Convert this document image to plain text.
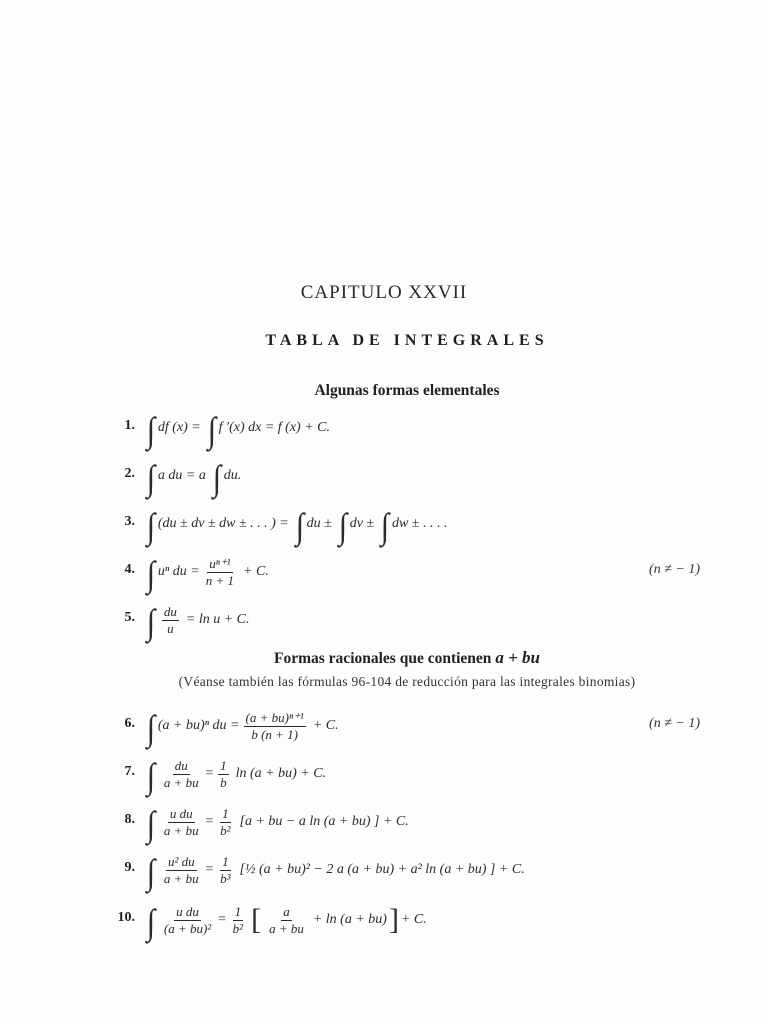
CAPITULO XXVII
TABLA DE INTEGRALES
Algunas formas elementales
1. ∫ df (x) = ∫ f ′(x) dx = f (x) + C.
2. ∫ a du = a ∫ du.
3. ∫ (du ± dv ± dw ± . . . ) = ∫ du ± ∫ dv ± ∫ dw ± . . . .
4. ∫ uⁿ du = $\frac{\text{uⁿ⁺¹}}{n + 1} + C$.	(n ≠ − 1)
5. ∫ $\frac{du}{u} = \ln u + C$.
Formas racionales que contienen a + bu
(Véanse también las fórmulas 96-104 de reducción para las integrales binomias)
6. ∫ (a + bu)ⁿ du = $\frac{\text{(a + bu)ⁿ⁺¹}}{b (n + 1)} + C$.	(n ≠ − 1)
7. ∫ $\frac{du}{a + bu} = \frac{1}{b}$ ln (a + bu) + C.
8. ∫ $\frac{\text{u du}}{a + bu} = \frac{1}{\text{b²}} [a$ + bu − a ln (a + bu) ] + C.
9. ∫ $\frac{\text{u² du}}{a + bu} = \frac{1}{\text{b³}}$ [½ (a + bu)² − 2 a (a + bu) + a² ln (a + bu) ] + C.
10. ∫ $\frac{\text{u du}}{\text{(a + bu)²}} = \frac{1}{\text{b²}}$ [ $\frac{a}{a + bu} + \ln (a + bu)$ ] + C.
